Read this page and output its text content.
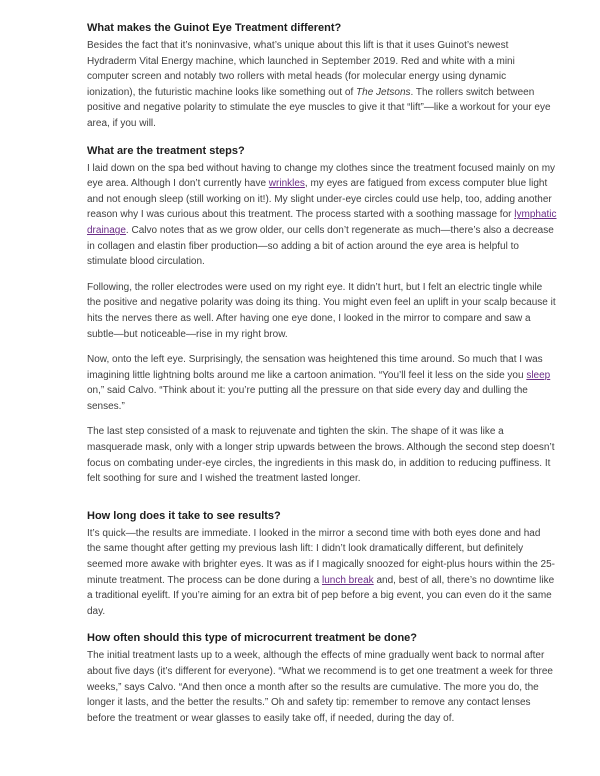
What makes the Guinot Eye Treatment different?

Besides the fact that it’s noninvasive, what’s unique about this lift is that it uses Guinot’s newest Hydraderm Vital Energy machine, which launched in September 2019. Red and white with a mini computer screen and notably two rollers with metal heads (for molecular energy using dynamic ionization), the futuristic machine looks like something out of The Jetsons. The rollers switch between positive and negative polarity to stimulate the eye muscles to give it that “lift”—like a workout for your eye area, if you will.

What are the treatment steps?

I laid down on the spa bed without having to change my clothes since the treatment focused mainly on my eye area. Although I don’t currently have wrinkles, my eyes are fatigued from excess computer blue light and not enough sleep (still working on it!). My slight under-eye circles could use help, too, adding another reason why I was curious about this treatment. The process started with a soothing massage for lymphatic drainage. Calvo notes that as we grow older, our cells don’t regenerate as much—there’s also a decrease in collagen and elastin fiber production—so adding a bit of action around the eye area is helpful to stimulate blood circulation.

Following, the roller electrodes were used on my right eye. It didn’t hurt, but I felt an electric tingle while the positive and negative polarity was doing its thing. You might even feel an uplift in your scalp because it hits the nerves there as well. After having one eye done, I looked in the mirror to compare and saw a subtle—but noticeable—rise in my right brow.

Now, onto the left eye. Surprisingly, the sensation was heightened this time around. So much that I was imagining little lightning bolts around me like a cartoon animation. “You’ll feel it less on the side you sleep on,” said Calvo. “Think about it: you’re putting all the pressure on that side every day and dulling the senses.”

The last step consisted of a mask to rejuvenate and tighten the skin. The shape of it was like a masquerade mask, only with a longer strip upwards between the brows. Although the second step doesn’t focus on combating under-eye circles, the ingredients in this mask do, in addition to reducing puffiness. It felt soothing for sure and I wished the treatment lasted longer.

How long does it take to see results?

It’s quick—the results are immediate. I looked in the mirror a second time with both eyes done and had the same thought after getting my previous lash lift: I didn’t look dramatically different, but definitely seemed more awake with brighter eyes. It was as if I magically snoozed for eight-plus hours within the 25-minute treatment. The process can be done during a lunch break and, best of all, there’s no downtime like a traditional eyelift. If you’re aiming for an extra bit of pep before a big event, you can even do it the same day.

How often should this type of microcurrent treatment be done?

The initial treatment lasts up to a week, although the effects of mine gradually went back to normal after about five days (it’s different for everyone). “What we recommend is to get one treatment a week for three weeks,” says Calvo. “And then once a month after so the results are cumulative. The more you do, the longer it lasts, and the better the results.” Oh and safety tip: remember to remove any contact lenses before the treatment or wear glasses to easily take off, if needed, during the day of.
